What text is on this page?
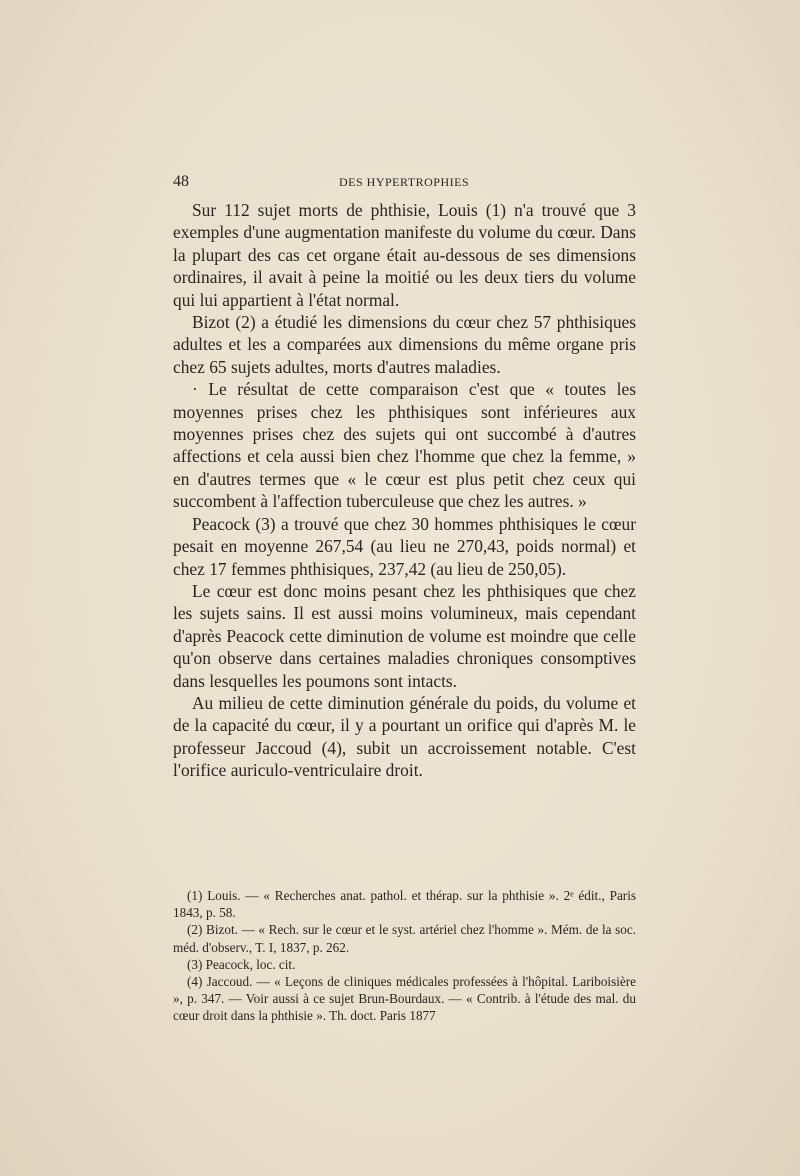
48	DES HYPERTROPHIES

Sur 112 sujet morts de phthisie, Louis (1) n'a trouvé que 3 exemples d'une augmentation manifeste du volume du cœur. Dans la plupart des cas cet organe était au-dessous de ses dimensions ordinaires, il avait à peine la moitié ou les deux tiers du volume qui lui appartient à l'état normal.

Bizot (2) a étudié les dimensions du cœur chez 57 phthisiques adultes et les a comparées aux dimensions du même organe pris chez 65 sujets adultes, morts d'autres maladies.

· Le résultat de cette comparaison c'est que « toutes les moyennes prises chez les phthisiques sont inférieures aux moyennes prises chez des sujets qui ont succombé à d'autres affections et cela aussi bien chez l'homme que chez la femme, » en d'autres termes que « le cœur est plus petit chez ceux qui succombent à l'affection tuberculeuse que chez les autres. »

Peacock (3) a trouvé que chez 30 hommes phthisiques le cœur pesait en moyenne 267,54 (au lieu ne 270,43, poids normal) et chez 17 femmes phthisiques, 237,42 (au lieu de 250,05).

Le cœur est donc moins pesant chez les phthisiques que chez les sujets sains. Il est aussi moins volumineux, mais cependant d'après Peacock cette diminution de volume est moindre que celle qu'on observe dans certaines maladies chroniques consomptives dans lesquelles les poumons sont intacts.

Au milieu de cette diminution générale du poids, du volume et de la capacité du cœur, il y a pourtant un orifice qui d'après M. le professeur Jaccoud (4), subit un accroissement notable. C'est l'orifice auriculo-ventriculaire droit.

(1) Louis. — « Recherches anat. pathol. et thérap. sur la phthisie ». 2ᵉ édit., Paris 1843, p. 58.

(2) Bizot. — « Rech. sur le cœur et le syst. artériel chez l'homme ». Mém. de la soc. méd. d'observ., T. I, 1837, p. 262.

(3) Peacock, loc. cit.

(4) Jaccoud. — « Leçons de cliniques médicales professées à l'hôpital. Lariboisière », p. 347. — Voir aussi à ce sujet Brun-Bourdaux. — « Contrib. à l'étude des mal. du cœur droit dans la phthisie ». Th. doct. Paris 1877
